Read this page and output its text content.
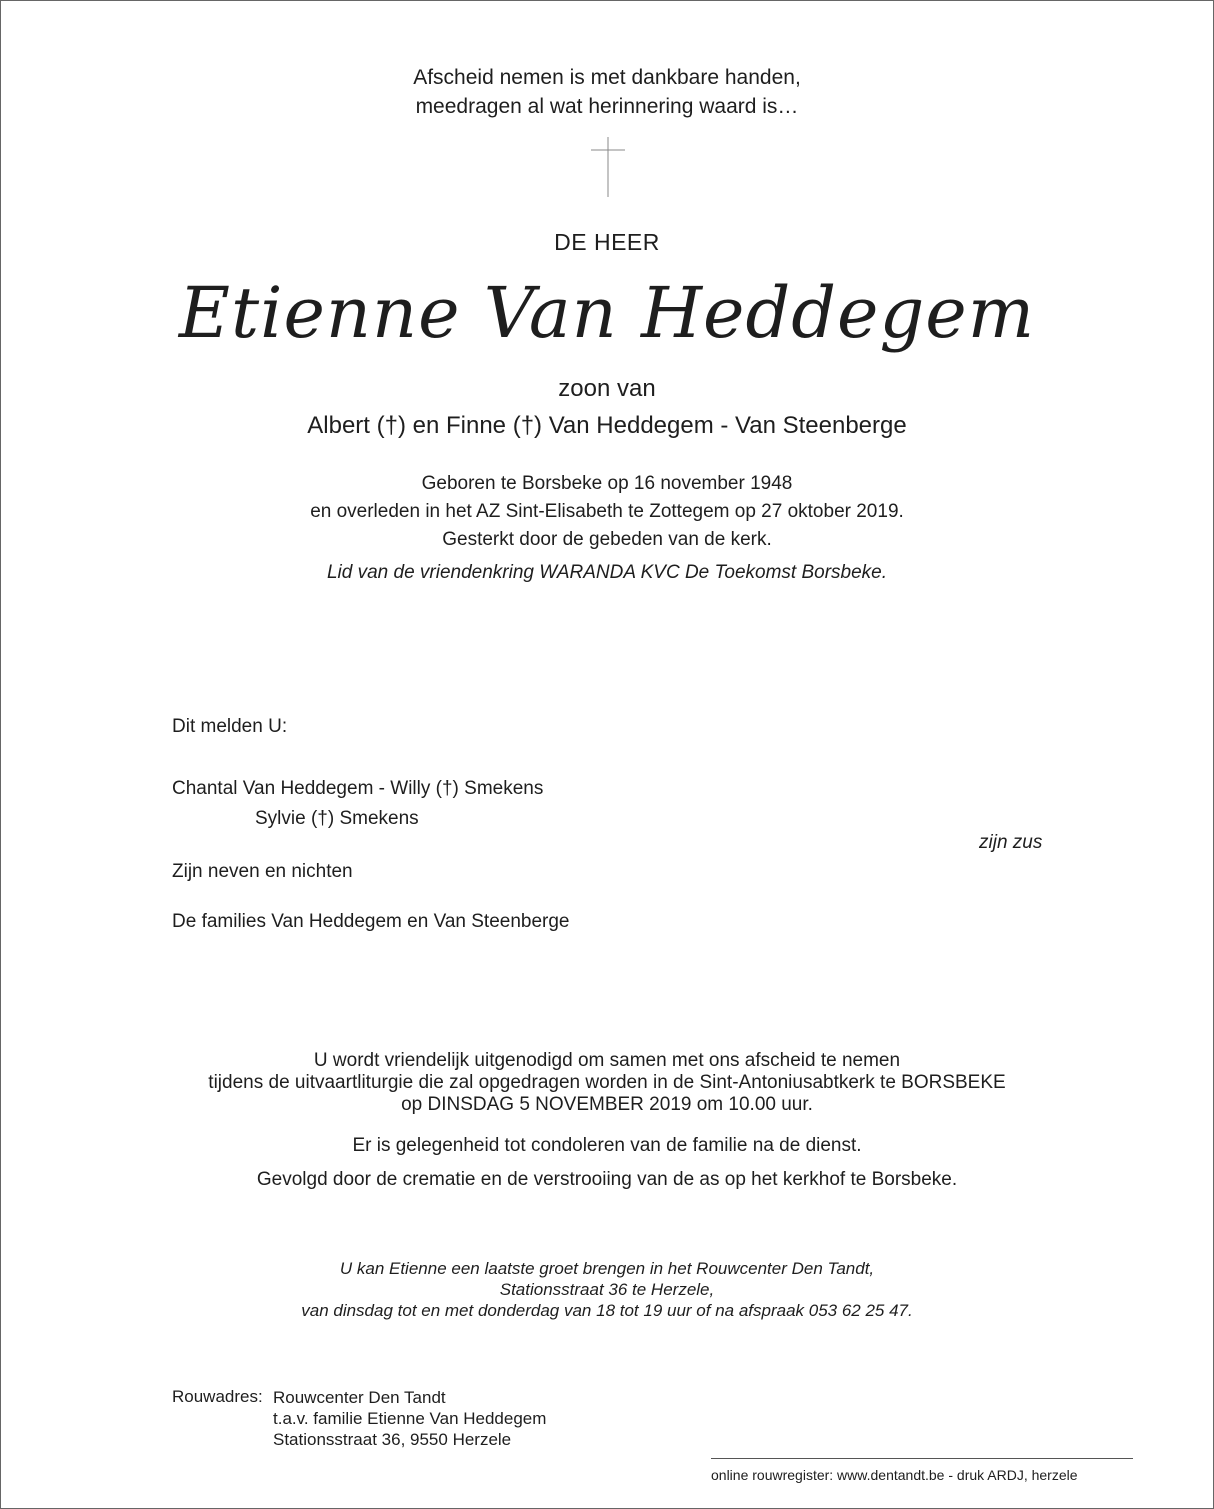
Afscheid nemen is met dankbare handen,
meedragen al wat herinnering waard is…
DE HEER
Etienne Van Heddegem
zoon van
Albert (†) en Finne (†) Van Heddegem - Van Steenberge
Geboren te Borsbeke op 16 november 1948
en overleden in het AZ Sint-Elisabeth te Zottegem op 27 oktober 2019.
Gesterkt door de gebeden van de kerk.
Lid van de vriendenkring WARANDA KVC De Toekomst Borsbeke.
Dit melden U:
Chantal Van Heddegem - Willy (†) Smekens
Sylvie (†) Smekens
zijn zus
Zijn neven en nichten
De families Van Heddegem en Van Steenberge
U wordt vriendelijk uitgenodigd om samen met ons afscheid te nemen
tijdens de uitvaartliturgie die zal opgedragen worden in de Sint-Antoniusabtkerk te BORSBEKE
op DINSDAG 5 NOVEMBER 2019 om 10.00 uur.
Er is gelegenheid tot condoleren van de familie na de dienst.
Gevolgd door de crematie en de verstrooiing van de as op het kerkhof te Borsbeke.
U kan Etienne een laatste groet brengen in het Rouwcenter Den Tandt,
Stationsstraat 36 te Herzele,
van dinsdag tot en met donderdag van 18 tot 19 uur of na afspraak 053 62 25 47.
Rouwadres: Rouwcenter Den Tandt
t.a.v. familie Etienne Van Heddegem
Stationsstraat 36, 9550 Herzele
online rouwregister: www.dentandt.be - druk ARDJ, herzele
